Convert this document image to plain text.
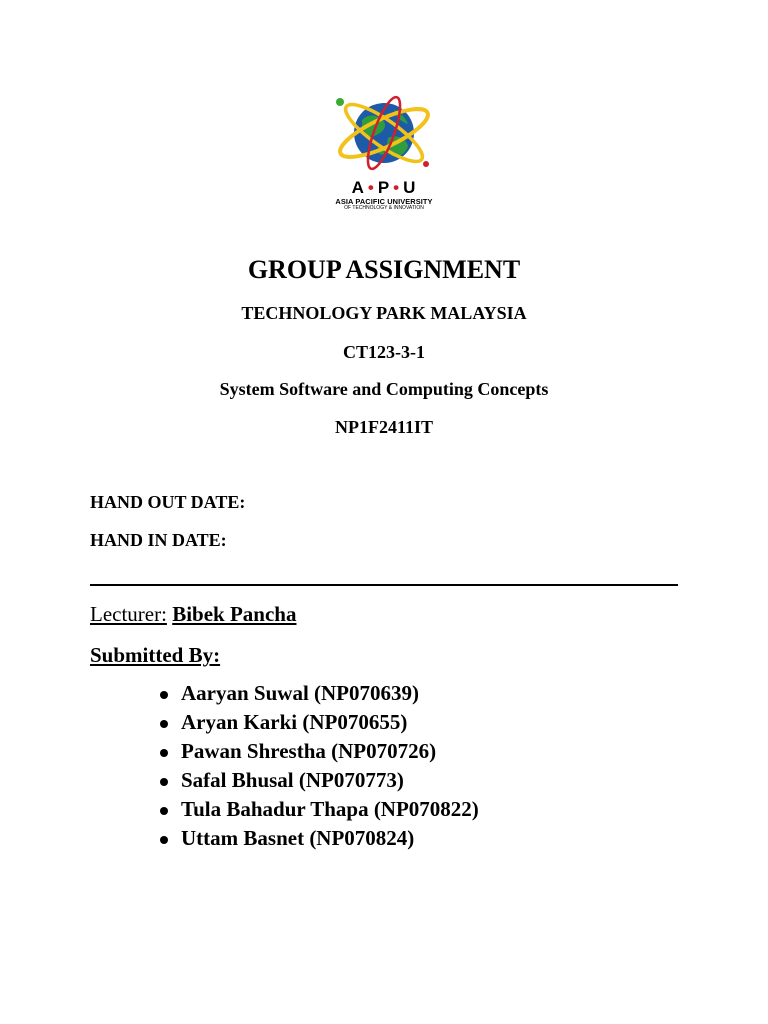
A • P • U
ASIA PACIFIC UNIVERSITY
OF TECHNOLOGY & INNOVATION
GROUP ASSIGNMENT
TECHNOLOGY PARK MALAYSIA
CT123-3-1
System Software and Computing Concepts
NP1F2411IT
HAND OUT DATE:
HAND IN DATE:
Lecturer: Bibek Pancha
Submitted By:
Aaryan Suwal (NP070639)
Aryan Karki (NP070655)
Pawan Shrestha (NP070726)
Safal Bhusal (NP070773)
Tula Bahadur Thapa (NP070822)
Uttam Basnet (NP070824)
